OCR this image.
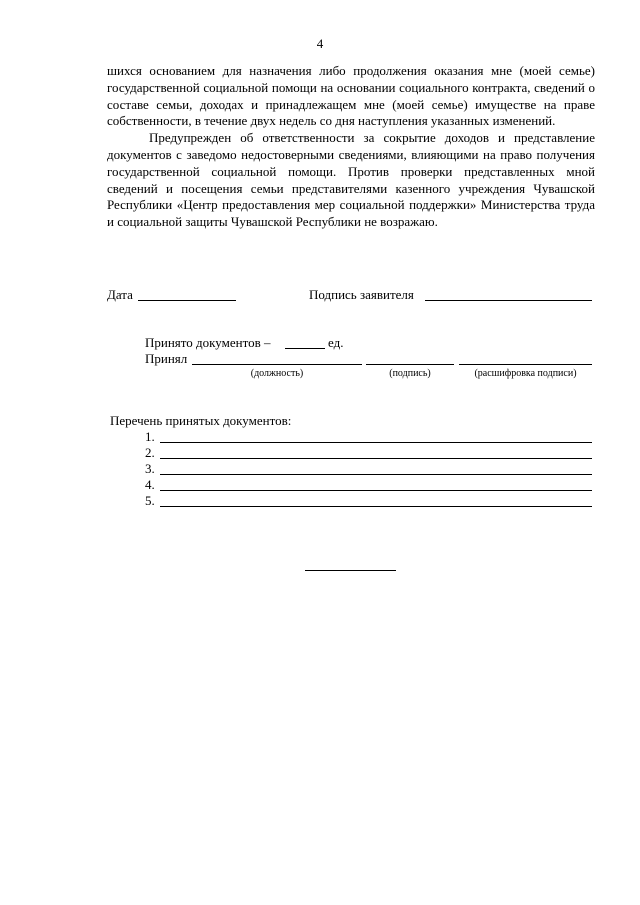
4

шихся основанием для назначения либо продолжения оказания мне (моей семье) государственной социальной помощи на основании социального контракта, сведений о составе семьи, доходах и принадлежащем мне (моей семье) имуществе на праве собственности, в течение двух недель со дня наступления указанных изменений.

Предупрежден об ответственности за сокрытие доходов и представление документов с заведомо недостоверными сведениями, влияющими на право получения государственной социальной помощи. Против проверки представленных мной сведений и посещения семьи представителями казенного учреждения Чувашской Республики «Центр предоставления мер социальной поддержки» Министерства труда и социальной защиты Чувашской Республики не возражаю.

Дата	Подпись заявителя
Принято документов –	ед.
Принял
(должность)	(подпись)	(расшифровка подписи)
Перечень принятых документов:
1.
2.
3.
4.
5.
